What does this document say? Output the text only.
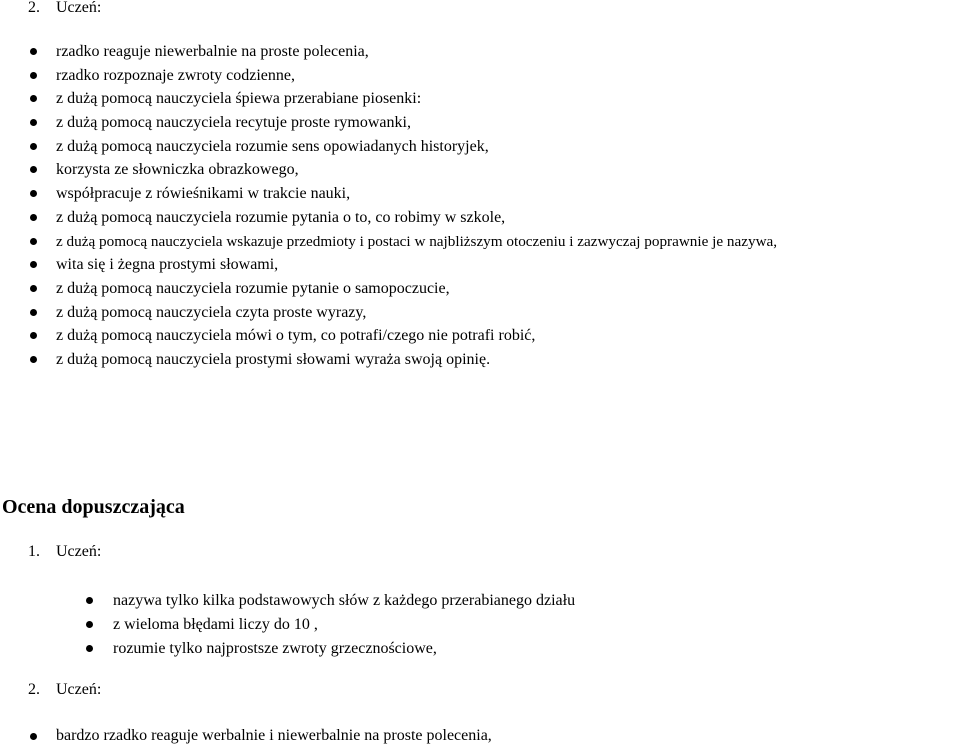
2. Uczeń:
rzadko reaguje niewerbalnie na proste polecenia,
rzadko rozpoznaje zwroty codzienne,
z dużą pomocą nauczyciela śpiewa przerabiane piosenki:
z dużą pomocą nauczyciela recytuje proste rymowanki,
z dużą pomocą nauczyciela rozumie sens opowiadanych historyjek,
korzysta ze słowniczka obrazkowego,
współpracuje z rówieśnikami w trakcie nauki,
z dużą pomocą nauczyciela rozumie pytania o to, co robimy w szkole,
z dużą pomocą nauczyciela wskazuje przedmioty i postaci w najbliższym otoczeniu i zazwyczaj poprawnie je nazywa,
wita się i żegna prostymi słowami,
z dużą pomocą nauczyciela rozumie pytanie o samopoczucie,
z dużą pomocą nauczyciela czyta proste wyrazy,
z dużą pomocą nauczyciela mówi o tym, co potrafi/czego nie potrafi robić,
z dużą pomocą nauczyciela prostymi słowami wyraża swoją opinię.
Ocena dopuszczająca
1. Uczeń:
nazywa tylko kilka podstawowych słów z każdego przerabianego działu
z wieloma błędami liczy do 10 ,
rozumie tylko najprostsze zwroty grzecznościowe,
2. Uczeń:
bardzo rzadko reaguje werbalnie i niewerbalnie na proste polecenia,
